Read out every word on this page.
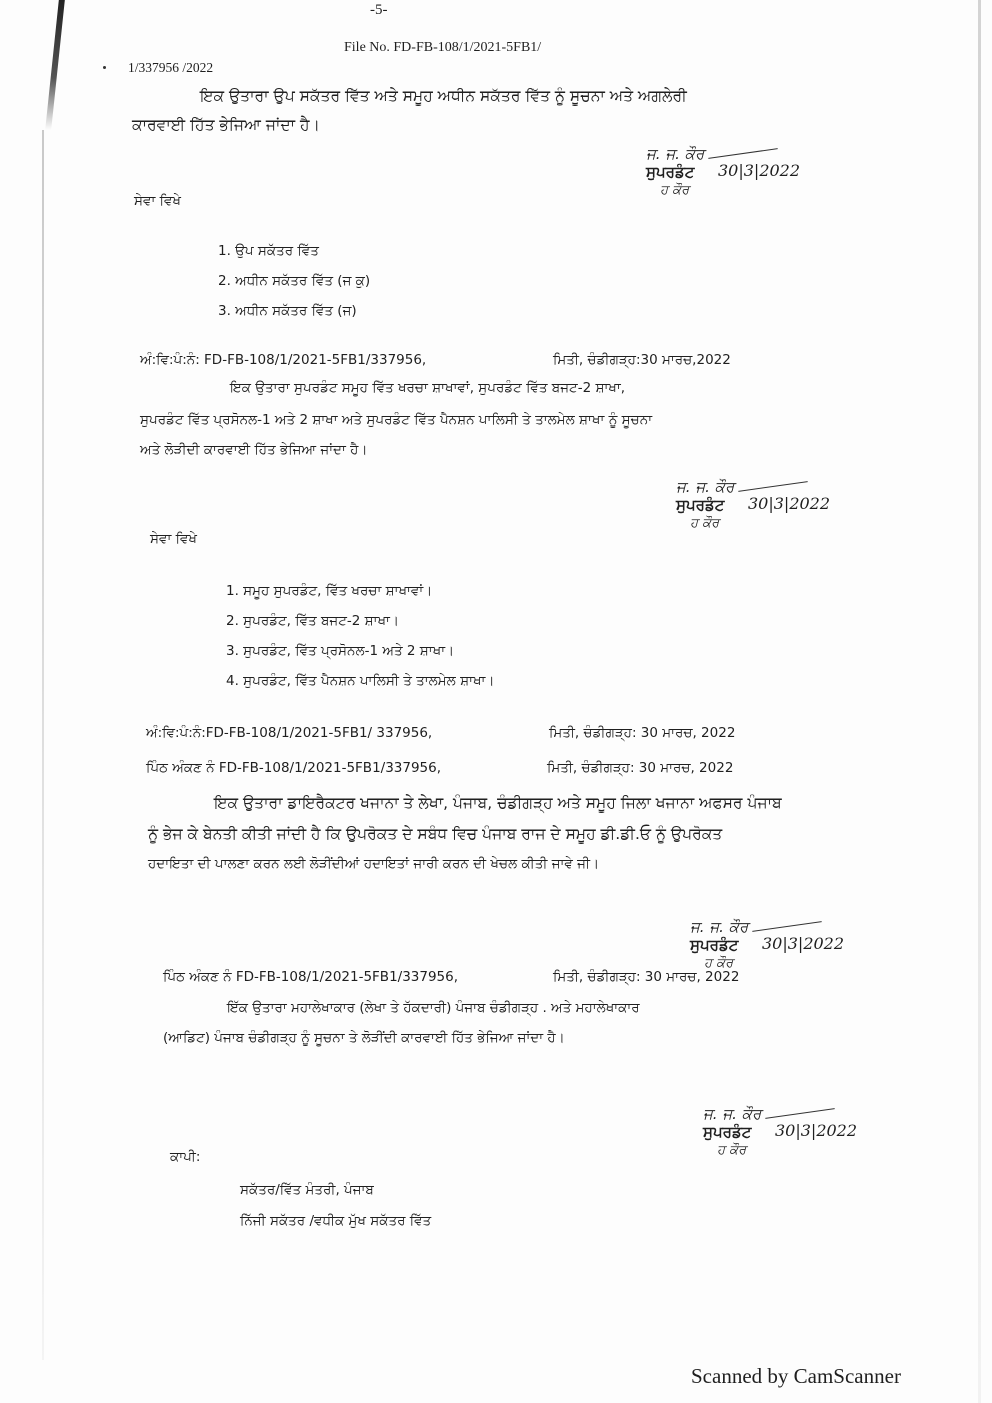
-5-
File No. FD-FB-108/1/2021-5FB1/
1/337956 /2022
ਇਕ ਉਤਾਰਾ ਉਪ ਸਕੱਤਰ ਵਿੱਤ ਅਤੇ ਸਮੂਹ ਅਧੀਨ ਸਕੱਤਰ ਵਿੱਤ ਨੂੰ ਸੂਚਨਾ ਅਤੇ ਅਗਲੇਰੀ
ਕਾਰਵਾਈ ਹਿੱਤ ਭੇਜਿਆ ਜਾਂਦਾ ਹੈ।
ਜ. ਜ. ਕੌਰ
ਸੁਪਰਡੰਟ 30|3|2022
ਹ ਕੌਰ
ਸੇਵਾ ਵਿਖੇ
1. ਉਪ ਸਕੱਤਰ ਵਿੱਤ
2. ਅਧੀਨ ਸਕੱਤਰ ਵਿੱਤ (ਜ ਕੁ)
3. ਅਧੀਨ ਸਕੱਤਰ ਵਿੱਤ (ਜ)
ਅੰ:ਵਿ:ਪੰ:ਨੰ: FD-FB-108/1/2021-5FB1/337956,	ਮਿਤੀ, ਚੰਡੀਗੜ੍ਹ:30 ਮਾਰਚ,2022
ਇਕ ਉਤਾਰਾ ਸੁਪਰਡੰਟ ਸਮੂਹ ਵਿੱਤ ਖਰਚਾ ਸ਼ਾਖਾਵਾਂ, ਸੁਪਰਡੰਟ ਵਿੱਤ ਬਜਟ-2 ਸ਼ਾਖਾ,
ਸੁਪਰਡੰਟ ਵਿੱਤ ਪ੍ਰਸੋਨਲ-1 ਅਤੇ 2 ਸ਼ਾਖਾ ਅਤੇ ਸੁਪਰਡੰਟ ਵਿੱਤ ਪੈਨਸ਼ਨ ਪਾਲਿਸੀ ਤੇ ਤਾਲਮੇਲ ਸ਼ਾਖਾ ਨੂੰ ਸੂਚਨਾ
ਅਤੇ ਲੋੜੀਦੀ ਕਾਰਵਾਈ ਹਿੱਤ ਭੇਜਿਆ ਜਾਂਦਾ ਹੈ।
ਜ. ਜ. ਕੌਰ
ਸੁਪਰਡੰਟ 30|3|2022
ਹ ਕੌਰ
ਸੇਵਾ ਵਿਖੇ
1. ਸਮੂਹ ਸੁਪਰਡੰਟ, ਵਿੱਤ ਖਰਚਾ ਸ਼ਾਖਾਵਾਂ।
2. ਸੁਪਰਡੰਟ, ਵਿੱਤ ਬਜਟ-2 ਸ਼ਾਖਾ।
3. ਸੁਪਰਡੰਟ, ਵਿੱਤ ਪ੍ਰਸੋਨਲ-1 ਅਤੇ 2 ਸ਼ਾਖਾ।
4. ਸੁਪਰਡੰਟ, ਵਿੱਤ ਪੈਨਸ਼ਨ ਪਾਲਿਸੀ ਤੇ ਤਾਲਮੇਲ ਸ਼ਾਖਾ।
ਅੰ:ਵਿ:ਪੰ:ਨੰ:FD-FB-108/1/2021-5FB1/ 337956,	ਮਿਤੀ, ਚੰਡੀਗੜ੍ਹ: 30 ਮਾਰਚ, 2022
ਪਿੰਠ ਅੰਕਣ ਨੰ FD-FB-108/1/2021-5FB1/337956,	ਮਿਤੀ, ਚੰਡੀਗੜ੍ਹ: 30 ਮਾਰਚ, 2022
ਇਕ ਉਤਾਰਾ ਡਾਇਰੈਕਟਰ ਖਜਾਨਾ ਤੇ ਲੇਖਾ, ਪੰਜਾਬ, ਚੰਡੀਗੜ੍ਹ ਅਤੇ ਸਮੂਹ ਜਿਲਾ ਖਜਾਨਾ ਅਫਸਰ ਪੰਜਾਬ
ਨੂੰ ਭੇਜ ਕੇ ਬੇਨਤੀ ਕੀਤੀ ਜਾਂਦੀ ਹੈ ਕਿ ਉਪਰੋਕਤ ਦੇ ਸਬੰਧ ਵਿਚ ਪੰਜਾਬ ਰਾਜ ਦੇ ਸਮੂਹ ਡੀ.ਡੀ.ਓ ਨੂੰ ਉਪਰੋਕਤ
ਹਦਾਇਤਾ ਦੀ ਪਾਲਣਾ ਕਰਨ ਲਈ ਲੋੜੀਂਦੀਆਂ ਹਦਾਇਤਾਂ ਜਾਰੀ ਕਰਨ ਦੀ ਖੇਚਲ ਕੀਤੀ ਜਾਵੇ ਜੀ।
ਜ. ਜ. ਕੌਰ
ਸੁਪਰਡੰਟ 30|3|2022
ਹ ਕੌਰ
ਪਿੰਠ ਅੰਕਣ ਨੰ FD-FB-108/1/2021-5FB1/337956,	ਮਿਤੀ, ਚੰਡੀਗੜ੍ਹ: 30 ਮਾਰਚ, 2022
ਇੱਕ ਉਤਾਰਾ ਮਹਾਲੇਖਾਕਾਰ (ਲੇਖਾ ਤੇ ਹੱਕਦਾਰੀ) ਪੰਜਾਬ ਚੰਡੀਗੜ੍ਹ . ਅਤੇ ਮਹਾਲੇਖਾਕਾਰ
(ਆਡਿਟ) ਪੰਜਾਬ ਚੰਡੀਗੜ੍ਹ ਨੂੰ ਸੂਚਨਾ ਤੇ ਲੋੜੀਂਦੀ ਕਾਰਵਾਈ ਹਿੱਤ ਭੇਜਿਆ ਜਾਂਦਾ ਹੈ।
ਜ. ਜ. ਕੌਰ
ਸੁਪਰਡੰਟ 30|3|2022
ਹ ਕੌਰ
ਕਾਪੀ:
ਸਕੱਤਰ/ਵਿੱਤ ਮੰਤਰੀ, ਪੰਜਾਬ
ਨਿੱਜੀ ਸਕੱਤਰ /ਵਧੀਕ ਮੁੱਖ ਸਕੱਤਰ ਵਿੱਤ
Scanned by CamScanner
